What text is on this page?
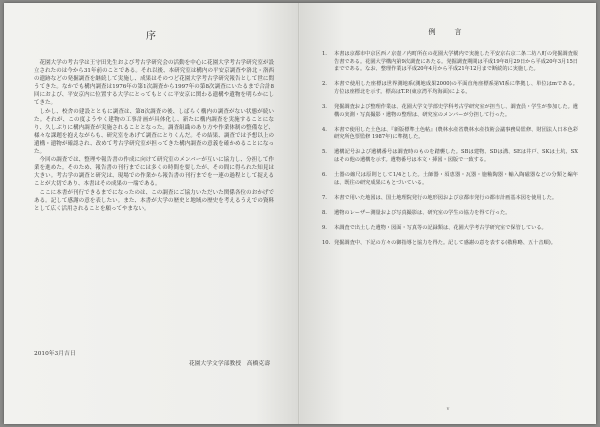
序

花園大学の考古学は王守田先生および考古学研究会の活動を中心に花園大学考古学研究室が設立されたのは今から31年前のことである。それ以後、本研究室は構内の平安京調査や洛北・洛西の遺跡などの発掘調査を継続して実施し、成果はそのつど花園大学考古学研究報告として世に問うてきた。なかでも構内調査は1976年の第1次調査から1997年の第8次調査にいたるまで合計8回におよび、平安京内に位置する大学にとってもとくに平安京に関わる遺構や遺物を明らかにしてきた。

しかし、校舎の建設とともに調査は、第8次調査の後、しばらく構内の調査がない状態が続いた。それが、この度ようやく建物の工事計画が具体化し、新たに構内調査を実施することになり、久しぶりに構内調査が実施されることとなった。調査組織のあり方や作業体制の整備など、様々な課題を抱えながらも、研究室をあげて調査にとりくんだ。その結果、調査では予想以上の遺構・遺物が確認され、改めて考古学研究室が担ってきた構内調査の意義を確かめることになった。

今回の調査では、整理や報告書の作成に向けて研究室のメンバーが互いに協力し、分担して作業を進めた。そのため、報告書の刊行までには多くの時間を要したが、その間に得られた知見は大きい。考古学の調査と研究は、現場での作業から報告書の刊行までを一連の過程として捉えることが大切であり、本書はその成果の一端である。

ここに本書が刊行できるまでになったのは、この調査にご協力いただいた関係各位のおかげである。記して感謝の意を表したい。また、本書が大学の歴史と地域の歴史を考えるうえでの資料として広く活用されることを願ってやまない。

2010年3月吉日
花園大学文学部教授　高橋克壽
例　言
1.	本書は京都市中京区西ノ京壺ノ内町所在の花園大学構内で実施した平安京右京二条二坊八町の発掘調査報告書である。花園大学構内第9次調査にあたる。発掘調査期間は平成19年8月29日から平成20年3月15日までである。なお、整理作業は平成20年4月から平成21年12月まで断続的に実施した。
2.	本書で使用した座標は世界測地系(測地成果2000)の平面直角座標系第Ⅵ系に準拠し、単位はmである。方位は座標北を示す。標高はT.P.(東京湾平均海面)による。
3.	発掘調査および整理作業は、花園大学文学部史学科考古学研究室が担当し、調査員・学生が参加した。遺構の実測・写真撮影・遺物の整理は、研究室のメンバーが分担して行った。
4.	本書で使用した土色は、『新版標準土色帖』(農林水産省農林水産技術会議事務局監修、財団法人日本色彩研究所色票監修 1987年)に準拠した。
5.	遺構記号および遺構番号は調査時のものを踏襲した。SBは建物、SDは溝、SEは井戸、SKは土坑、SXはその他の遺構を示す。遺物番号は本文・挿図・図版で一致する。
6.	土器の縮尺は原則として1/4とした。土師器・須恵器・瓦器・施釉陶器・輸入陶磁器などの分類と編年は、既往の研究成果にもとづいている。
7.	本書で用いた地図は、国土地理院発行の地形図および京都市発行の都市計画基本図を使用した。
8.	遺物のレーザー測量および写真撮影は、研究室の学生の協力を得て行った。
9.	本調査で出土した遺物・図面・写真等の記録類は、花園大学考古学研究室で保管している。
10. 発掘調査中、下記の方々の御指導と協力を得た。記して感謝の意を表する(敬称略、五十音順)。
v
